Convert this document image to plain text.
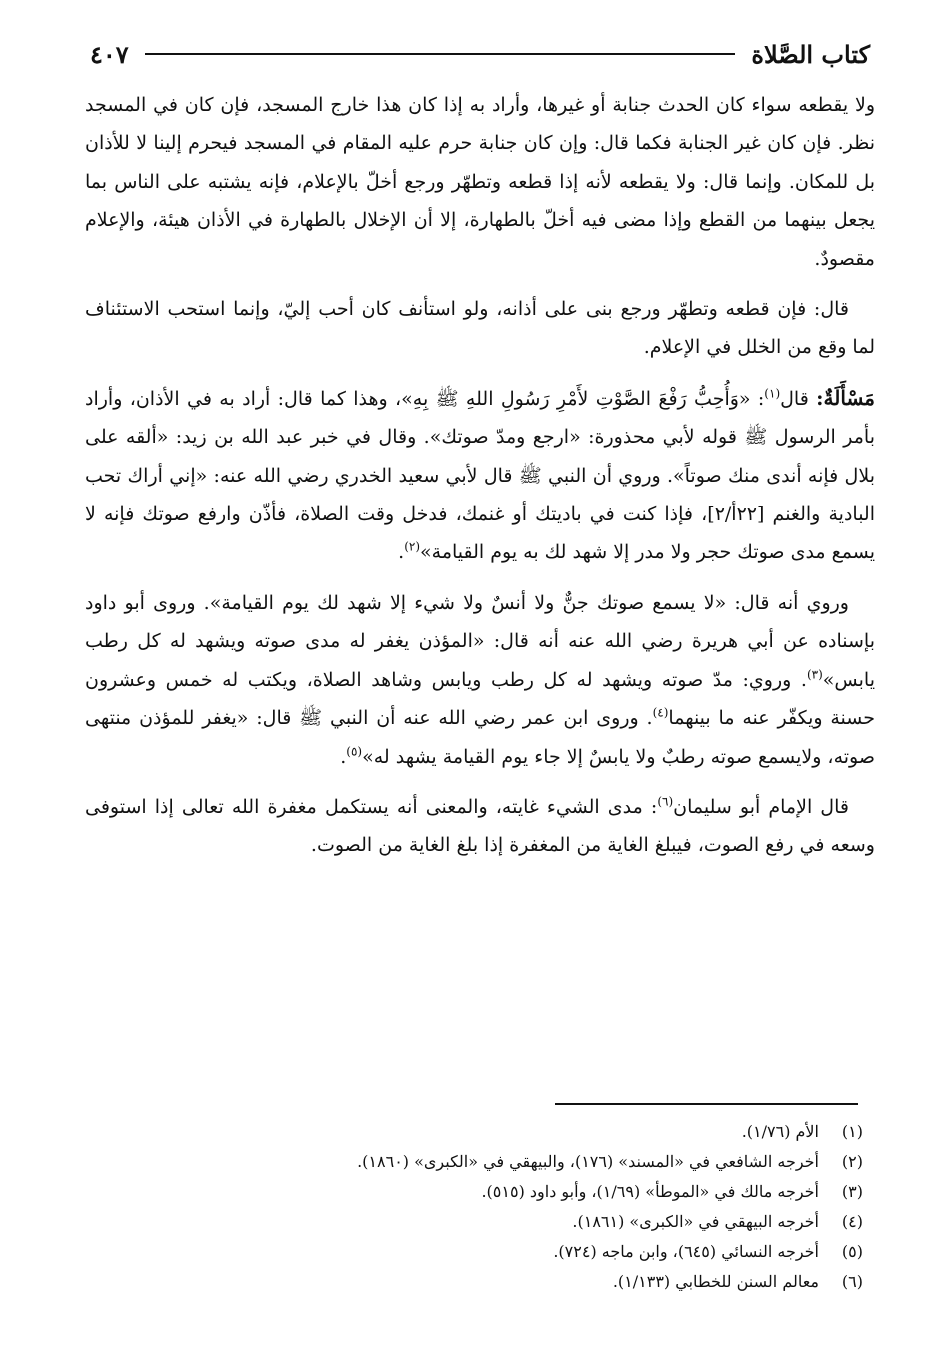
كتاب الصَّلاة
٤٠٧

ولا يقطعه سواء كان الحدث جنابة أو غيرها، وأراد به إذا كان هذا خارج المسجد، فإن كان في المسجد نظر. فإن كان غير الجنابة فكما قال: وإن كان جنابة حرم عليه المقام في المسجد فيحرم إلينا لا للأذان بل للمكان. وإنما قال: ولا يقطعه لأنه إذا قطعه وتطهّر ورجع أخلّ بالإعلام، فإنه يشتبه على الناس بما يجعل بينهما من القطع وإذا مضى فيه أخلّ بالطهارة، إلا أن الإخلال بالطهارة في الأذان هيئة، والإعلام مقصودٌ.

قال: فإن قطعه وتطهّر ورجع بنى على أذانه، ولو استأنف كان أحب إليّ، وإنما استحب الاستئناف لما وقع من الخلل في الإعلام.

مَسْأَلَةٌ: قال$^{(١)}$: «وَأُحِبُّ رَفْعَ الصَّوْتِ لأَمْرِ رَسُولِ اللهِ ﷺ بِهِ»، وهذا كما قال: أراد به في الأذان، وأراد بأمر الرسول ﷺ قوله لأبي محذورة: «ارجع ومدّ صوتك». وقال في خبر عبد الله بن زيد: «ألقه على بلال فإنه أندى منك صوتاً». وروي أن النبي ﷺ قال لأبي سعيد الخدري رضي الله عنه: «إني أراك تحب البادية والغنم [٢٢أ/٢]، فإذا كنت في باديتك أو غنمك، فدخل وقت الصلاة، فأذّن وارفع صوتك فإنه لا يسمع مدى صوتك حجر ولا مدر إلا شهد لك به يوم القيامة»$^{(٢)}$.

وروي أنه قال: «لا يسمع صوتك جنٌّ ولا أنسٌ ولا شيء إلا شهد لك يوم القيامة». وروى أبو داود بإسناده عن أبي هريرة رضي الله عنه أنه قال: «المؤذن يغفر له مدى صوته ويشهد له كل رطب يابس»$^{(٣)}$. وروي: مدّ صوته ويشهد له كل رطب ويابس وشاهد الصلاة، ويكتب له خمس وعشرون حسنة ويكفّر عنه ما بينهما$^{(٤)}$. وروى ابن عمر رضي الله عنه أن النبي ﷺ قال: «يغفر للمؤذن منتهى صوته، ولايسمع صوته رطبٌ ولا يابسٌ إلا جاء يوم القيامة يشهد له»$^{(٥)}$.

قال الإمام أبو سليمان$^{(٦)}$: مدى الشيء غايته، والمعنى أنه يستكمل مغفرة الله تعالى إذا استوفى وسعه في رفع الصوت، فيبلغ الغاية من المغفرة إذا بلغ الغاية من الصوت.

(١)
الأم (١/٧٦).
(٢)
أخرجه الشافعي في «المسند» (١٧٦)، والبيهقي في «الكبرى» (١٨٦٠).
(٣)
أخرجه مالك في «الموطأ» (١/٦٩)، وأبو داود (٥١٥).
(٤)
أخرجه البيهقي في «الكبرى» (١٨٦١).
(٥)
أخرجه النسائي (٦٤٥)، وابن ماجه (٧٢٤).
(٦)
معالم السنن للخطابي (١/١٣٣).
